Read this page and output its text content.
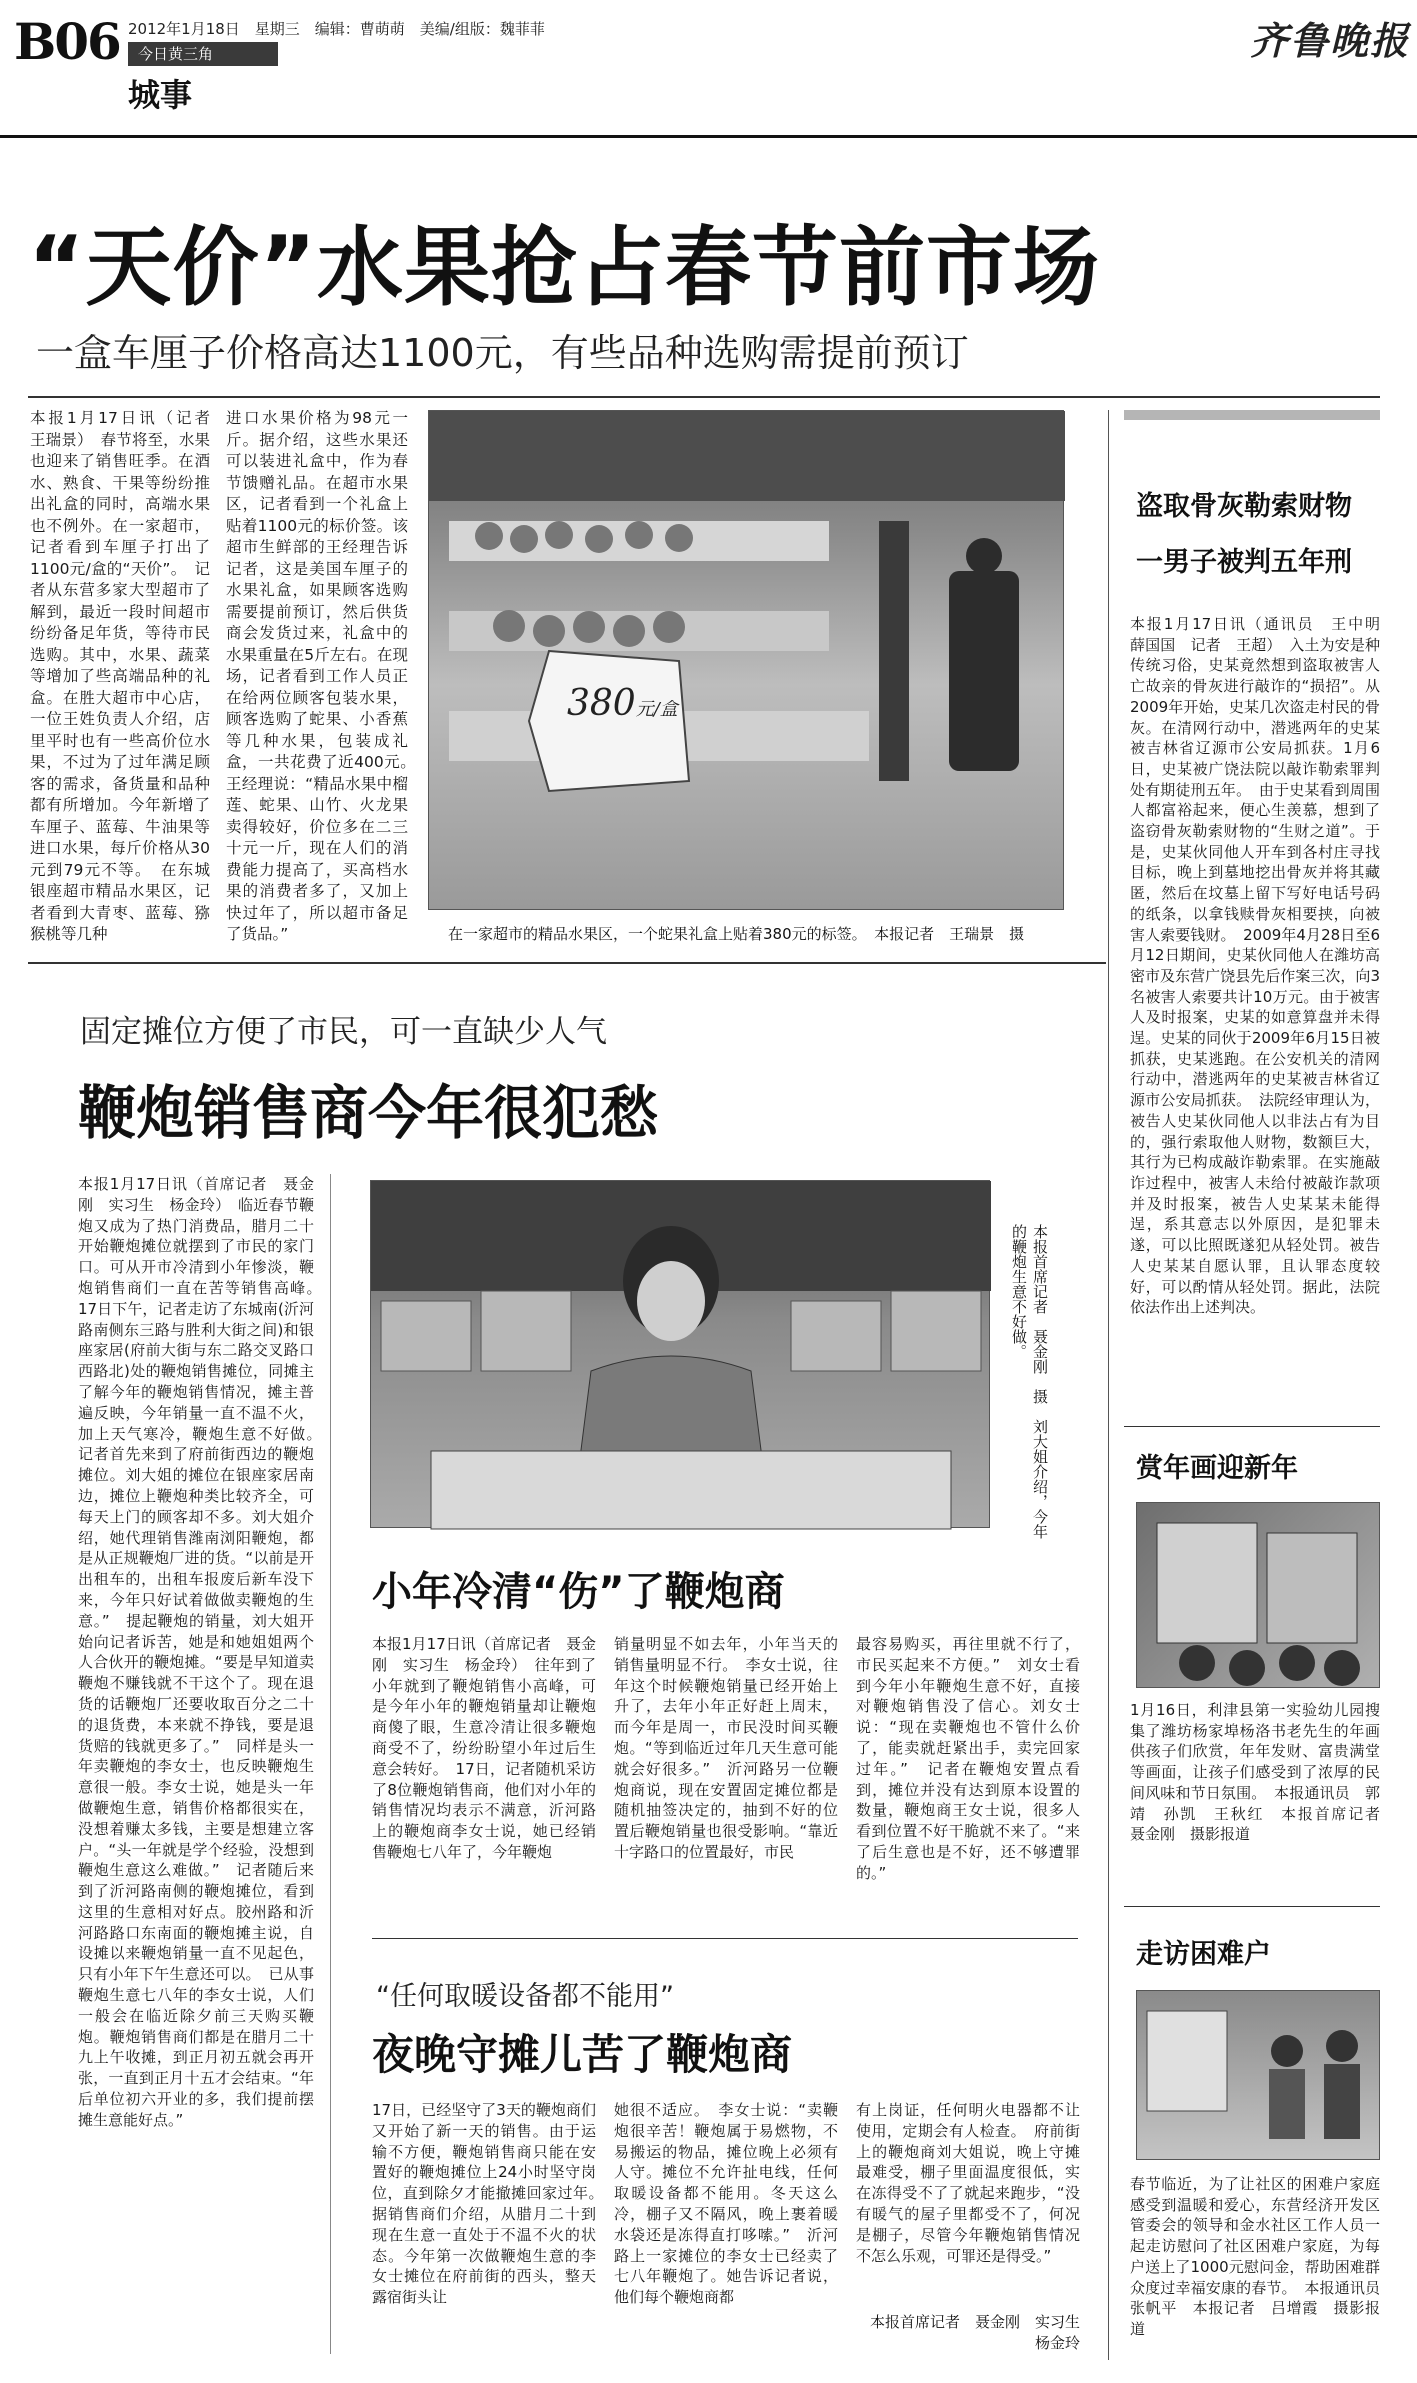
B06 2012年1月18日　星期三　编辑：曹萌萌　美编/组版：魏菲菲
今日黄三角
城事
齐鲁晚报
“天价”水果抢占春节前市场
一盒车厘子价格高达1100元，有些品种选购需提前预订
本报1月17日讯（记者　王瑞景）　春节将至，水果也迎来了销售旺季。在酒水、熟食、干果等纷纷推出礼盒的同时，高端水果也不例外。在一家超市，记者看到车厘子打出了1100元/盒的“天价”。　记者从东营多家大型超市了解到，最近一段时间超市纷纷备足年货，等待市民选购。其中，水果、蔬菜等增加了些高端品种的礼盒。在胜大超市中心店，一位王姓负责人介绍，店里平时也有一些高价位水果，不过为了过年满足顾客的需求，备货量和品种都有所增加。今年新增了车厘子、蓝莓、牛油果等进口水果，每斤价格从30元到79元不等。　在东城银座超市精品水果区，记者看到大青枣、蓝莓、猕猴桃等几种
进口水果价格为98元一斤。据介绍，这些水果还可以装进礼盒中，作为春节馈赠礼品。在超市水果区，记者看到一个礼盒上贴着1100元的标价签。该超市生鲜部的王经理告诉记者，这是美国车厘子的水果礼盒，如果顾客选购需要提前预订，然后供货商会发货过来，礼盒中的水果重量在5斤左右。在现场，记者看到工作人员正在给两位顾客包装水果，顾客选购了蛇果、小香蕉等几种水果，包装成礼盒，一共花费了近400元。　王经理说：“精品水果中榴莲、蛇果、山竹、火龙果卖得较好，价位多在二三十元一斤，现在人们的消费能力提高了，买高档水果的消费者多了，又加上快过年了，所以超市备足了货品。”
380元/盒
在一家超市的精品水果区，一个蛇果礼盒上贴着380元的标签。　本报记者　王瑞景　摄
固定摊位方便了市民，可一直缺少人气
鞭炮销售商今年很犯愁
本报1月17日讯（首席记者　聂金刚　实习生　杨金玲）　临近春节鞭炮又成为了热门消费品，腊月二十开始鞭炮摊位就摆到了市民的家门口。可从开市冷清到小年惨淡，鞭炮销售商们一直在苦等销售高峰。　17日下午，记者走访了东城南(沂河路南侧东三路与胜利大街之间)和银座家居(府前大街与东二路交叉路口西路北)处的鞭炮销售摊位，同摊主了解今年的鞭炮销售情况，摊主普遍反映，今年销量一直不温不火，加上天气寒冷，鞭炮生意不好做。　记者首先来到了府前街西边的鞭炮摊位。刘大姐的摊位在银座家居南边，摊位上鞭炮种类比较齐全，可每天上门的顾客却不多。刘大姐介绍，她代理销售潍南浏阳鞭炮，都是从正规鞭炮厂进的货。“以前是开出租车的，出租车报废后新车没下来，今年只好试着做做卖鞭炮的生意。”　提起鞭炮的销量，刘大姐开始向记者诉苦，她是和她姐姐两个人合伙开的鞭炮摊。“要是早知道卖鞭炮不赚钱就不干这个了。现在退货的话鞭炮厂还要收取百分之二十的退货费，本来就不挣钱，要是退货赔的钱就更多了。”　同样是头一年卖鞭炮的李女士，也反映鞭炮生意很一般。李女士说，她是头一年做鞭炮生意，销售价格都很实在，没想着赚太多钱，主要是想建立客户。“头一年就是学个经验，没想到鞭炮生意这么难做。”　记者随后来到了沂河路南侧的鞭炮摊位，看到这里的生意相对好点。胶州路和沂河路路口东南面的鞭炮摊主说，自设摊以来鞭炮销量一直不见起色，只有小年下午生意还可以。　已从事鞭炮生意七八年的李女士说，人们一般会在临近除夕前三天购买鞭炮。鞭炮销售商们都是在腊月二十九上午收摊，到正月初五就会再开张，一直到正月十五才会结束。“年后单位初六开业的多，我们提前摆摊生意能好点。”
本报首席记者　聂金刚　摄　刘大姐介绍，今年的鞭炮生意不好做。
小年冷清“伤”了鞭炮商
本报1月17日讯（首席记者　聂金刚　实习生　杨金玲）　往年到了小年就到了鞭炮销售小高峰，可是今年小年的鞭炮销量却让鞭炮商傻了眼，生意冷清让很多鞭炮商受不了，纷纷盼望小年过后生意会转好。　17日，记者随机采访了8位鞭炮销售商，他们对小年的销售情况均表示不满意，沂河路上的鞭炮商李女士说，她已经销售鞭炮七八年了，今年鞭炮
销量明显不如去年，小年当天的销售量明显不行。　李女士说，往年这个时候鞭炮销量已经开始上升了，去年小年正好赶上周末，而今年是周一，市民没时间买鞭炮。“等到临近过年几天生意可能就会好很多。”　沂河路另一位鞭炮商说，现在安置固定摊位都是随机抽签决定的，抽到不好的位置后鞭炮销量也很受影响。“靠近十字路口的位置最好，市民
最容易购买，再往里就不行了，市民买起来不方便。”　刘女士看到今年小年鞭炮生意不好，直接对鞭炮销售没了信心。刘女士说：“现在卖鞭炮也不管什么价了，能卖就赶紧出手，卖完回家过年。”　记者在鞭炮安置点看到，摊位并没有达到原本设置的数量，鞭炮商王女士说，很多人看到位置不好干脆就不来了。“来了后生意也是不好，还不够遭罪的。”
“任何取暖设备都不能用”
夜晚守摊儿苦了鞭炮商
17日，已经坚守了3天的鞭炮商们又开始了新一天的销售。由于运输不方便，鞭炮销售商只能在安置好的鞭炮摊位上24小时坚守岗位，直到除夕才能撤摊回家过年。　据销售商们介绍，从腊月二十到现在生意一直处于不温不火的状态。今年第一次做鞭炮生意的李女士摊位在府前街的西头，整天露宿街头让
她很不适应。　李女士说：“卖鞭炮很辛苦！鞭炮属于易燃物，不易搬运的物品，摊位晚上必须有人守。摊位不允许扯电线，任何取暖设备都不能用。冬天这么冷，棚子又不隔风，晚上裹着暖水袋还是冻得直打哆嗦。”　沂河路上一家摊位的李女士已经卖了七八年鞭炮了。她告诉记者说，他们每个鞭炮商都
有上岗证，任何明火电器都不让使用，定期会有人检查。　府前街上的鞭炮商刘大姐说，晚上守摊最难受，棚子里面温度很低，实在冻得受不了了就起来跑步，“没有暖气的屋子里都受不了，何况是棚子，尽管今年鞭炮销售情况不怎么乐观，可罪还是得受。”
本报首席记者　聂金刚　实习生　杨金玲
盗取骨灰勒索财物
一男子被判五年刑
本报1月17日讯（通讯员　王中明　薛国国　记者　王超）　入土为安是种传统习俗，史某竟然想到盗取被害人亡故亲的骨灰进行敲诈的“损招”。从2009年开始，史某几次盗走村民的骨灰。在清网行动中，潜逃两年的史某被吉林省辽源市公安局抓获。1月6日，史某被广饶法院以敲诈勒索罪判处有期徒刑五年。　由于史某看到周围人都富裕起来，便心生羡慕，想到了盗窃骨灰勒索财物的“生财之道”。于是，史某伙同他人开车到各村庄寻找目标，晚上到墓地挖出骨灰并将其藏匿，然后在坟墓上留下写好电话号码的纸条，以拿钱赎骨灰相要挟，向被害人索要钱财。　2009年4月28日至6月12日期间，史某伙同他人在潍坊高密市及东营广饶县先后作案三次，向3名被害人索要共计10万元。由于被害人及时报案，史某的如意算盘并未得逞。史某的同伙于2009年6月15日被抓获，史某逃跑。在公安机关的清网行动中，潜逃两年的史某被吉林省辽源市公安局抓获。　法院经审理认为，被告人史某伙同他人以非法占有为目的，强行索取他人财物，数额巨大，其行为已构成敲诈勒索罪。在实施敲诈过程中，被害人未给付被敲诈款项并及时报案，被告人史某某未能得逞，系其意志以外原因，是犯罪未遂，可以比照既遂犯从轻处罚。被告人史某某自愿认罪，且认罪态度较好，可以酌情从轻处罚。据此，法院依法作出上述判决。
赏年画迎新年
1月16日，利津县第一实验幼儿园搜集了潍坊杨家埠杨洛书老先生的年画供孩子们欣赏，年年发财、富贵满堂等画面，让孩子们感受到了浓厚的民间风味和节日氛围。　本报通讯员　郭靖　孙凯　王秋红　本报首席记者　聂金刚　摄影报道
走访困难户
春节临近，为了让社区的困难户家庭感受到温暖和爱心，东营经济开发区管委会的领导和金水社区工作人员一起走访慰问了社区困难户家庭，为每户送上了1000元慰问金，帮助困难群众度过幸福安康的春节。　本报通讯员　张帆平　本报记者　吕增霞　摄影报道
